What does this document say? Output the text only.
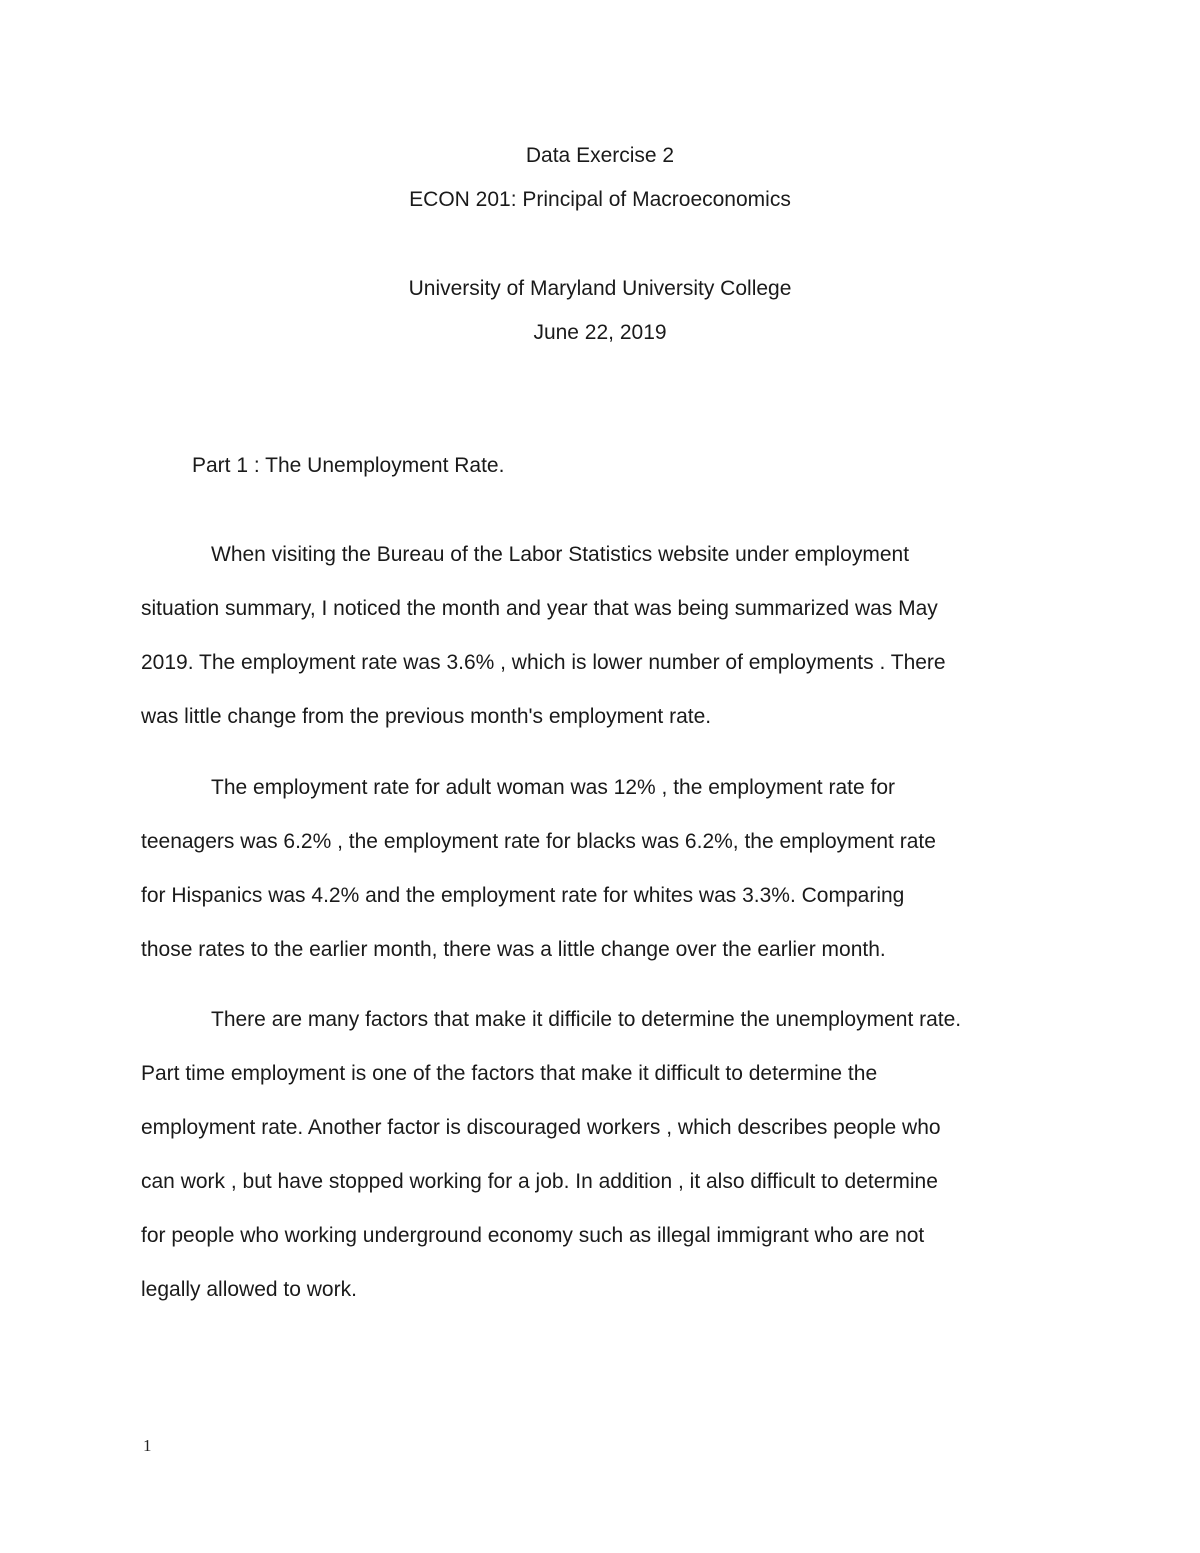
Data Exercise 2
ECON 201: Principal of Macroeconomics
University of Maryland University College
June 22, 2019
Part 1 : The Unemployment Rate.
When visiting the Bureau of the Labor Statistics website under employment
situation summary, I noticed the month and year that was being summarized was May
2019. The employment rate was 3.6% , which is lower number of employments . There
was little change from the previous month's employment rate.
The employment rate for adult woman was 12% , the employment rate for
teenagers was 6.2% , the employment rate for blacks was 6.2%, the employment rate
for Hispanics was 4.2% and the employment rate for whites was 3.3%. Comparing
those rates to the earlier month, there was a little change over the earlier month.
There are many factors that make it difficile to determine the unemployment rate.
Part time employment is one of the factors that make it difficult to determine the
employment rate. Another factor is discouraged workers , which describes people who
can work , but have stopped working for a job. In addition , it also difficult to determine
for people who working underground economy such as illegal immigrant who are not
legally allowed to work.
1
